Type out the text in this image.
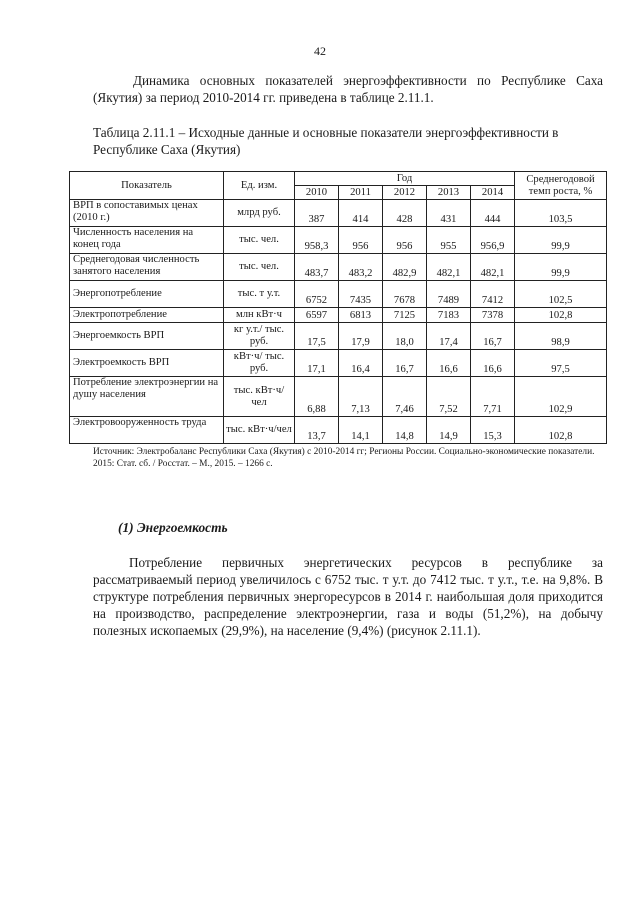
42

Динамика основных показателей энергоэффективности по Республике Саха (Якутия) за период 2010-2014 гг. приведена в таблице 2.11.1.

Таблица 2.11.1 – Исходные данные и основные показатели энергоэффективности в Республике Саха (Якутия)

Показатель	Ед. изм.	Год					Среднегодовой темп роста, %
		2010	2011	2012	2013	2014	
ВРП в сопоставимых ценах (2010 г.)	млрд руб.	387	414	428	431	444	103,5
Численность населения на конец года	тыс. чел.	958,3	956	956	955	956,9	99,9
Среднегодовая численность занятого населения	тыс. чел.	483,7	483,2	482,9	482,1	482,1	99,9
Энергопотребление	тыс. т у.т.	6752	7435	7678	7489	7412	102,5
Электропотребление	млн кВт·ч	6597	6813	7125	7183	7378	102,8
Энергоемкость ВРП	кг у.т./ тыс. руб.	17,5	17,9	18,0	17,4	16,7	98,9
Электроемкость ВРП	кВт·ч/ тыс. руб.	17,1	16,4	16,7	16,6	16,6	97,5
Потребление электроэнергии на душу населения	тыс. кВт·ч/ чел	6,88	7,13	7,46	7,52	7,71	102,9
Электровооруженность труда	тыс. кВт·ч/чел	13,7	14,1	14,8	14,9	15,3	102,8

Источник: Электробаланс Республики Саха (Якутия) с 2010-2014 гг; Регионы России. Социально-экономические показатели. 2015: Стат. сб. / Росстат. – М., 2015. – 1266 с.

(1) Энергоемкость

Потребление первичных энергетических ресурсов в республике за рассматриваемый период увеличилось с 6752 тыс. т у.т. до 7412 тыс. т у.т., т.е. на 9,8%. В структуре потребления первичных энергоресурсов в 2014 г. наибольшая доля приходится на производство, распределение электроэнергии, газа и воды (51,2%), на добычу полезных ископаемых (29,9%), на население (9,4%) (рисунок 2.11.1).
